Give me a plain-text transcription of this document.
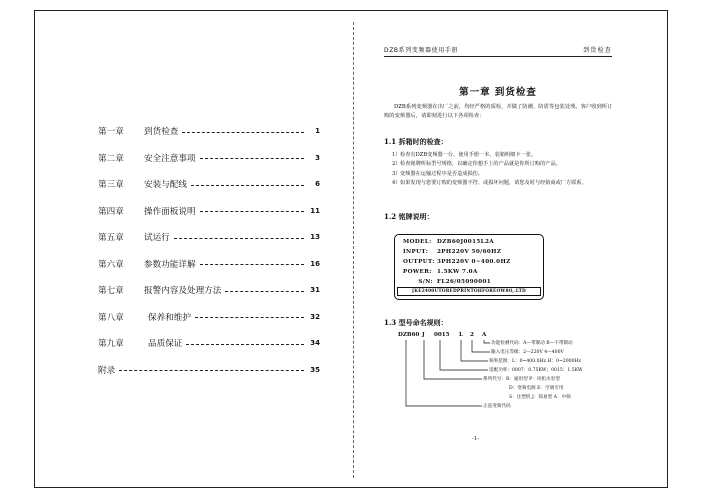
第一章	到货检查	1
第二章	安全注意事项	3
第三章	安装与配线	6
第四章	操作面板说明	11
第五章	试运行	13
第六章	参数功能详解	16
第七章	报警内容及处理方法	31
第八章	保养和维护	32
第九章	品质保证	34
附录	35
DZB系列变频器使用手册	到货检查
第一章 到货检查

DZB系列变频器在出厂之前，均经严格的质检，并做了防潮、防震等包装处理。客户收到所订购的变频器后，请即刻进行以下各项检查：

1.1 拆箱时的检查：
1） 检查有DZB变频器一台、使用手册一本、装箱明细卡一张。
2） 检查铭牌所标型号规格，以确定你想手上的产品就是你所订购的产品。
3） 变频器在运输过程中是否造成损伤。
4） 如果发现与您要订购的变频器不符、或损坏问题，请您及时与经销商或厂方联系。
1.2 铭牌说明：
MODEL: DZB60J0015L2A
INPUT:	2PH220V 50/60HZ
OUTPUT: 3PH220V 0~400.0HZ
POWER: 1.5KW 7.0A
S/N: FL26/05090001
[KE2400UTOREDPRINTOHFOREOW8O,.LTD
1.3 型号命名规则：
DZB60 J 0015 L 2 A
功能检测代码：A—带制动 B—不带制动
输入电压等级：2—220V 4—400V
频率范围：L：0~400.0Hz H：0~2000Hz
适配功率：0007：0.75KW；0015：1.5KW
系列代号：B：通用型 P：风机水泵型
D：变频电源 E：空调专用
S：注塑机 J：简易型 A：中频
正弦变频代码
-1-
